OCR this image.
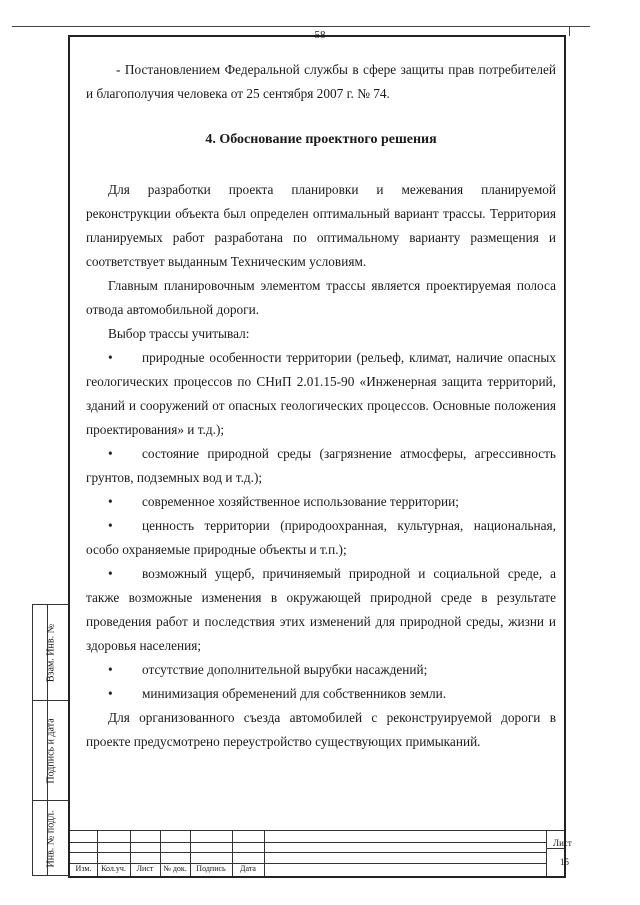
58
Взам. Инв. №
Подпись и дата
Инв. № подл.

- Постановлением Федеральной службы в сфере защиты прав потребителей и благополучия человека от 25 сентября 2007 г. № 74.

4. Обоснование проектного решения

Для разработки проекта планировки и межевания планируемой реконструкции объекта был определен оптимальный вариант трассы. Территория планируемых работ разработана по оптимальному варианту размещения и соответствует выданным Техническим условиям.

Главным планировочным элементом трассы является проектируемая полоса отвода автомобильной дороги.

Выбор трассы учитывал:

• природные особенности территории (рельеф, климат, наличие опасных геологических процессов по СНиП 2.01.15-90 «Инженерная защита территорий, зданий и сооружений от опасных геологических процессов. Основные положения проектирования» и т.д.);

• состояние природной среды (загрязнение атмосферы, агрессивность грунтов, подземных вод и т.д.);

• современное хозяйственное использование территории;

• ценность территории (природоохранная, культурная, национальная, особо охраняемые природные объекты и т.п.);

• возможный ущерб, причиняемый природной и социальной среде, а также возможные изменения в окружающей природной среде в результате проведения работ и последствия этих изменений для природной среды, жизни и здоровья населения;

• отсутствие дополнительной вырубки насаждений;

• минимизация обременений для собственников земли.

Для организованного съезда автомобилей с реконструируемой дороги в проекте предусмотрено переустройство существующих примыканий.

Изм.	Кол.уч.	Лист	№ док.	Подпись	Дата
Лист
15
